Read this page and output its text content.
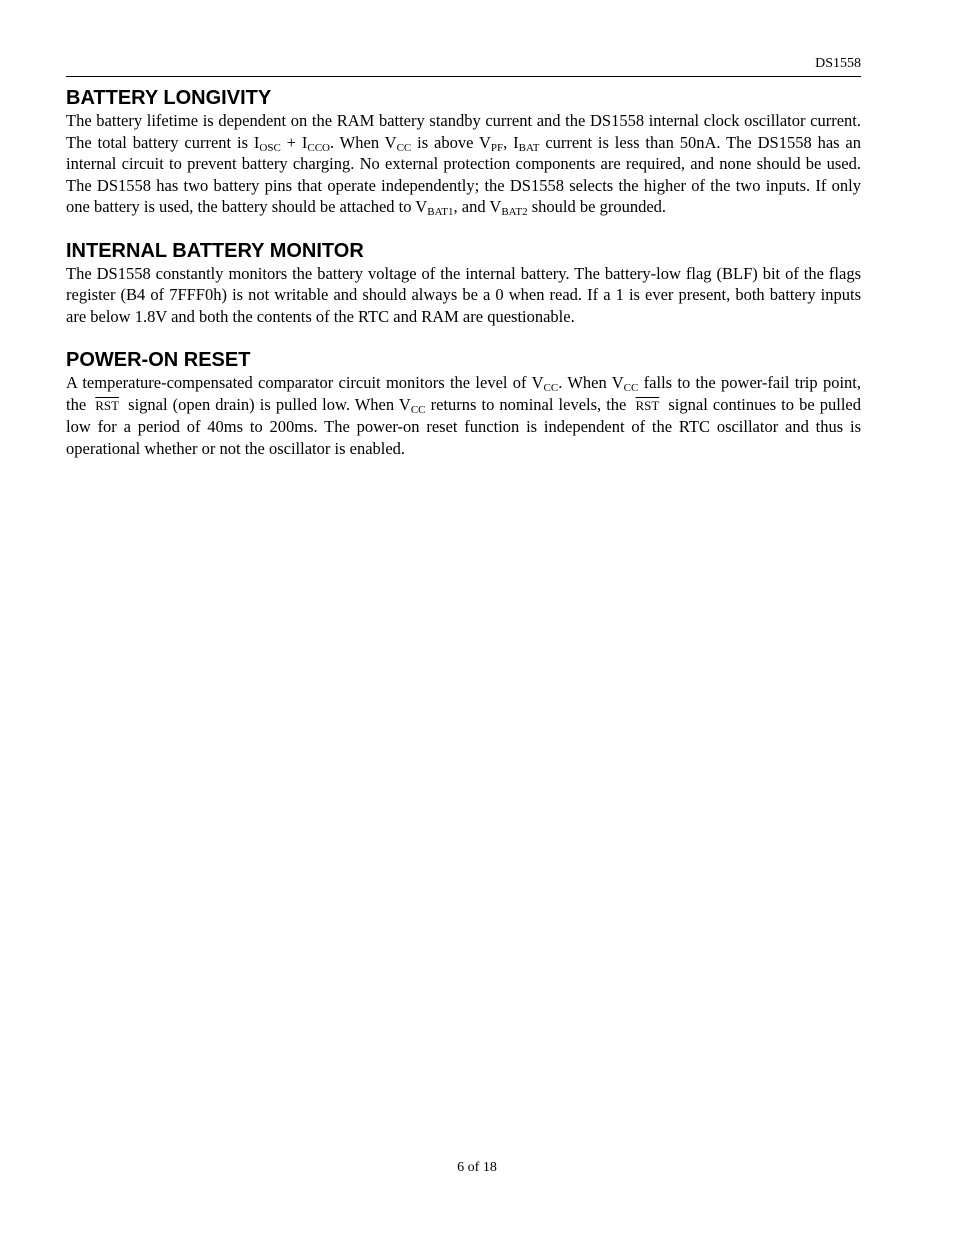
DS1558
BATTERY LONGIVITY

The battery lifetime is dependent on the RAM battery standby current and the DS1558 internal clock oscillator current. The total battery current is $I_{OSC} + I_{CCO}$. When $V_{CC}$ is above $V_{PF}$, $I_{BAT}$ current is less than 50nA. The DS1558 has an internal circuit to prevent battery charging. No external protection components are required, and none should be used. The DS1558 has two battery pins that operate independently; the DS1558 selects the higher of the two inputs. If only one battery is used, the battery should be attached to $V_{BAT1}$, and $V_{BAT2}$ should be grounded.

INTERNAL BATTERY MONITOR

The DS1558 constantly monitors the battery voltage of the internal battery. The battery-low flag (BLF) bit of the flags register (B4 of 7FFF0h) is not writable and should always be a 0 when read. If a 1 is ever present, both battery inputs are below 1.8V and both the contents of the RTC and RAM are questionable.

POWER-ON RESET

A temperature-compensated comparator circuit monitors the level of $V_{CC}$. When $V_{CC}$ falls to the power-fail trip point, the $\overline{RST}$ signal (open drain) is pulled low. When $V_{CC}$ returns to nominal levels, the $\overline{RST}$ signal continues to be pulled low for a period of 40ms to 200ms. The power-on reset function is independent of the RTC oscillator and thus is operational whether or not the oscillator is enabled.

6 of 18
